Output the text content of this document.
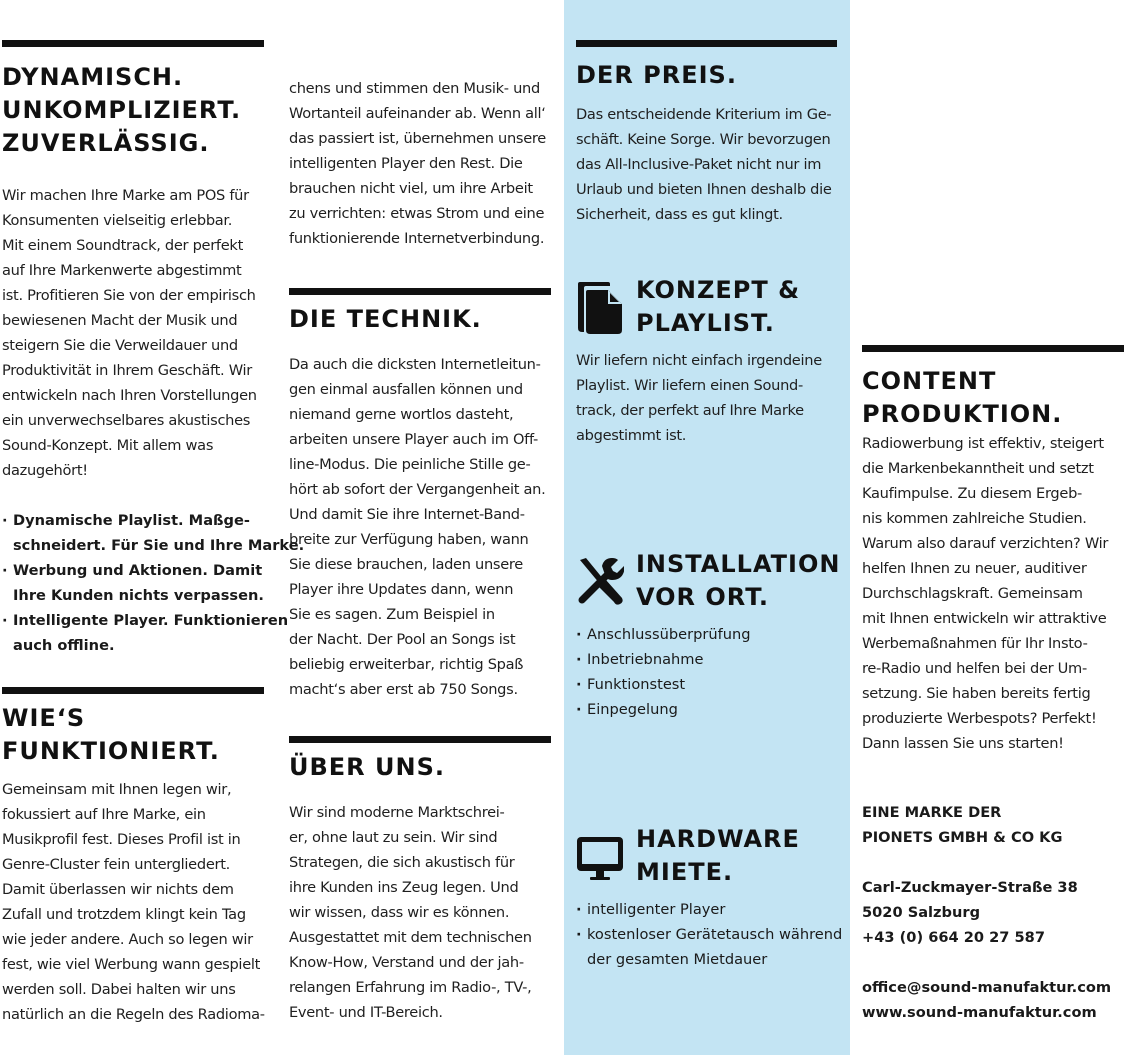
DYNAMISCH.
UNKOMPLIZIERT.
ZUVERLÄSSIG.
Wir machen Ihre Marke am POS für
Konsumenten vielseitig erlebbar.
Mit einem Soundtrack, der perfekt
auf Ihre Markenwerte abgestimmt
ist. Profitieren Sie von der empirisch
bewiesenen Macht der Musik und
steigern Sie die Verweildauer und
Produktivität in Ihrem Geschäft. Wir
entwickeln nach Ihren Vorstellungen
ein unverwechselbares akustisches
Sound-Konzept. Mit allem was
dazugehört!
· Dynamische Playlist. Maßge-
schneidert. Für Sie und Ihre Marke.
· Werbung und Aktionen. Damit
Ihre Kunden nichts verpassen.
· Intelligente Player. Funktionieren
auch offline.
WIE‘S
FUNKTIONIERT.
Gemeinsam mit Ihnen legen wir,
fokussiert auf Ihre Marke, ein
Musikprofil fest. Dieses Profil ist in
Genre-Cluster fein untergliedert.
Damit überlassen wir nichts dem
Zufall und trotzdem klingt kein Tag
wie jeder andere. Auch so legen wir
fest, wie viel Werbung wann gespielt
werden soll. Dabei halten wir uns
natürlich an die Regeln des Radioma-
chens und stimmen den Musik- und
Wortanteil aufeinander ab. Wenn all‘
das passiert ist, übernehmen unsere
intelligenten Player den Rest. Die
brauchen nicht viel, um ihre Arbeit
zu verrichten: etwas Strom und eine
funktionierende Internetverbindung.
DIE TECHNIK.
Da auch die dicksten Internetleitun-
gen einmal ausfallen können und
niemand gerne wortlos dasteht,
arbeiten unsere Player auch im Off-
line-Modus. Die peinliche Stille ge-
hört ab sofort der Vergangenheit an.
Und damit Sie ihre Internet-Band-
breite zur Verfügung haben, wann
Sie diese brauchen, laden unsere
Player ihre Updates dann, wenn
Sie es sagen. Zum Beispiel in
der Nacht. Der Pool an Songs ist
beliebig erweiterbar, richtig Spaß
macht‘s aber erst ab 750 Songs.
ÜBER UNS.
Wir sind moderne Marktschrei-
er, ohne laut zu sein. Wir sind
Strategen, die sich akustisch für
ihre Kunden ins Zeug legen. Und
wir wissen, dass wir es können.
Ausgestattet mit dem technischen
Know-How, Verstand und der jah-
relangen Erfahrung im Radio-, TV-,
Event- und IT-Bereich.
DER PREIS.
Das entscheidende Kriterium im Ge-
schäft. Keine Sorge. Wir bevorzugen
das All-Inclusive-Paket nicht nur im
Urlaub und bieten Ihnen deshalb die
Sicherheit, dass es gut klingt.
KONZEPT &
PLAYLIST.
Wir liefern nicht einfach irgendeine
Playlist. Wir liefern einen Sound-
track, der perfekt auf Ihre Marke
abgestimmt ist.
INSTALLATION
VOR ORT.
· Anschlussüberprüfung
· Inbetriebnahme
· Funktionstest
· Einpegelung
HARDWARE
MIETE.
· intelligenter Player
· kostenloser Gerätetausch während
der gesamten Mietdauer
CONTENT
PRODUKTION.
Radiowerbung ist effektiv, steigert
die Markenbekanntheit und setzt
Kaufimpulse. Zu diesem Ergeb-
nis kommen zahlreiche Studien.
Warum also darauf verzichten? Wir
helfen Ihnen zu neuer, auditiver
Durchschlagskraft. Gemeinsam
mit Ihnen entwickeln wir attraktive
Werbemaßnahmen für Ihr Insto-
re-Radio und helfen bei der Um-
setzung. Sie haben bereits fertig
produzierte Werbespots? Perfekt!
Dann lassen Sie uns starten!
EINE MARKE DER
PIONETS GMBH & CO KG
Carl-Zuckmayer-Straße 38
5020 Salzburg
+43 (0) 664 20 27 587
office@sound-manufaktur.com
www.sound-manufaktur.com
